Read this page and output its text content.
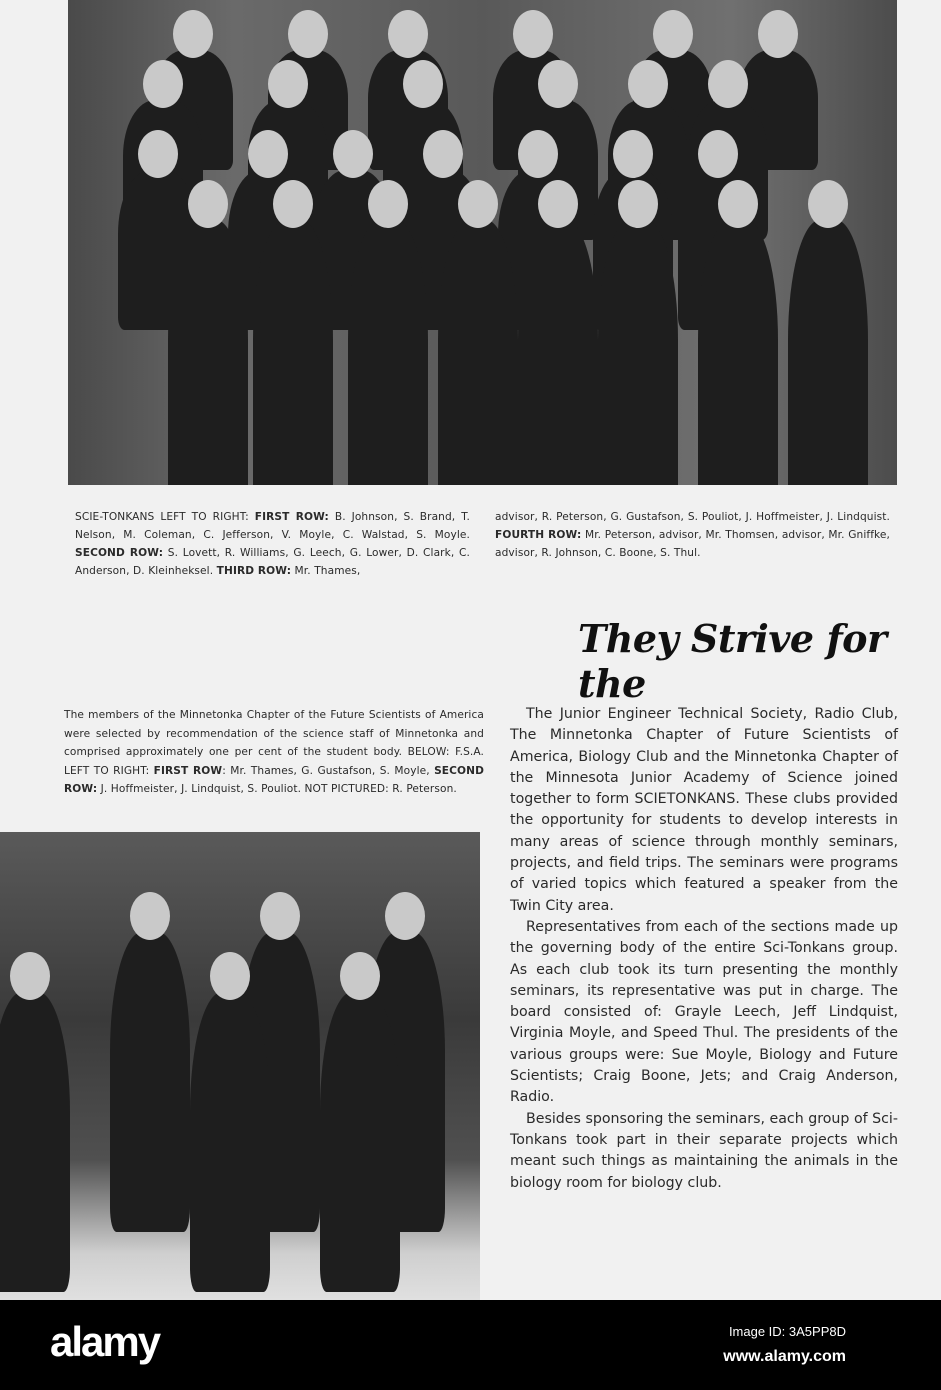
SCIE-TONKANS LEFT TO RIGHT: FIRST ROW: B. Johnson, S. Brand, T. Nelson, M. Coleman, C. Jefferson, V. Moyle, C. Walstad, S. Moyle. SECOND ROW: S. Lovett, R. Williams, G. Leech, G. Lower, D. Clark, C. Anderson, D. Kleinheksel. THIRD ROW: Mr. Thames,
advisor, R. Peterson, G. Gustafson, S. Pouliot, J. Hoffmeister, J. Lindquist. FOURTH ROW: Mr. Peterson, advisor, Mr. Thomsen, advisor, Mr. Gniffke, advisor, R. Johnson, C. Boone, S. Thul.
They Strive for the
The members of the Minnetonka Chapter of the Future Scientists of America were selected by recommendation of the science staff of Minnetonka and comprised approximately one per cent of the student body. BELOW: F.S.A. LEFT TO RIGHT: FIRST ROW: Mr. Thames, G. Gustafson, S. Moyle, SECOND ROW: J. Hoffmeister, J. Lindquist, S. Pouliot. NOT PICTURED: R. Peterson.

The Junior Engineer Technical Society, Radio Club, The Minnetonka Chapter of Future Scientists of America, Biology Club and the Minnetonka Chapter of the Minnesota Junior Academy of Science joined together to form SCIETONKANS. These clubs provided the opportunity for students to develop interests in many areas of science through monthly seminars, projects, and field trips. The seminars were programs of varied topics which featured a speaker from the Twin City area.

Representatives from each of the sections made up the governing body of the entire Sci-Tonkans group. As each club took its turn presenting the monthly seminars, its representative was put in charge. The board consisted of: Grayle Leech, Jeff Lindquist, Virginia Moyle, and Speed Thul. The presidents of the various groups were: Sue Moyle, Biology and Future Scientists; Craig Boone, Jets; and Craig Anderson, Radio.

Besides sponsoring the seminars, each group of Sci-Tonkans took part in their separate projects which meant such things as maintaining the animals in the biology room for biology club.

alamy	Image ID: 3A5PP8D
www.alamy.com
